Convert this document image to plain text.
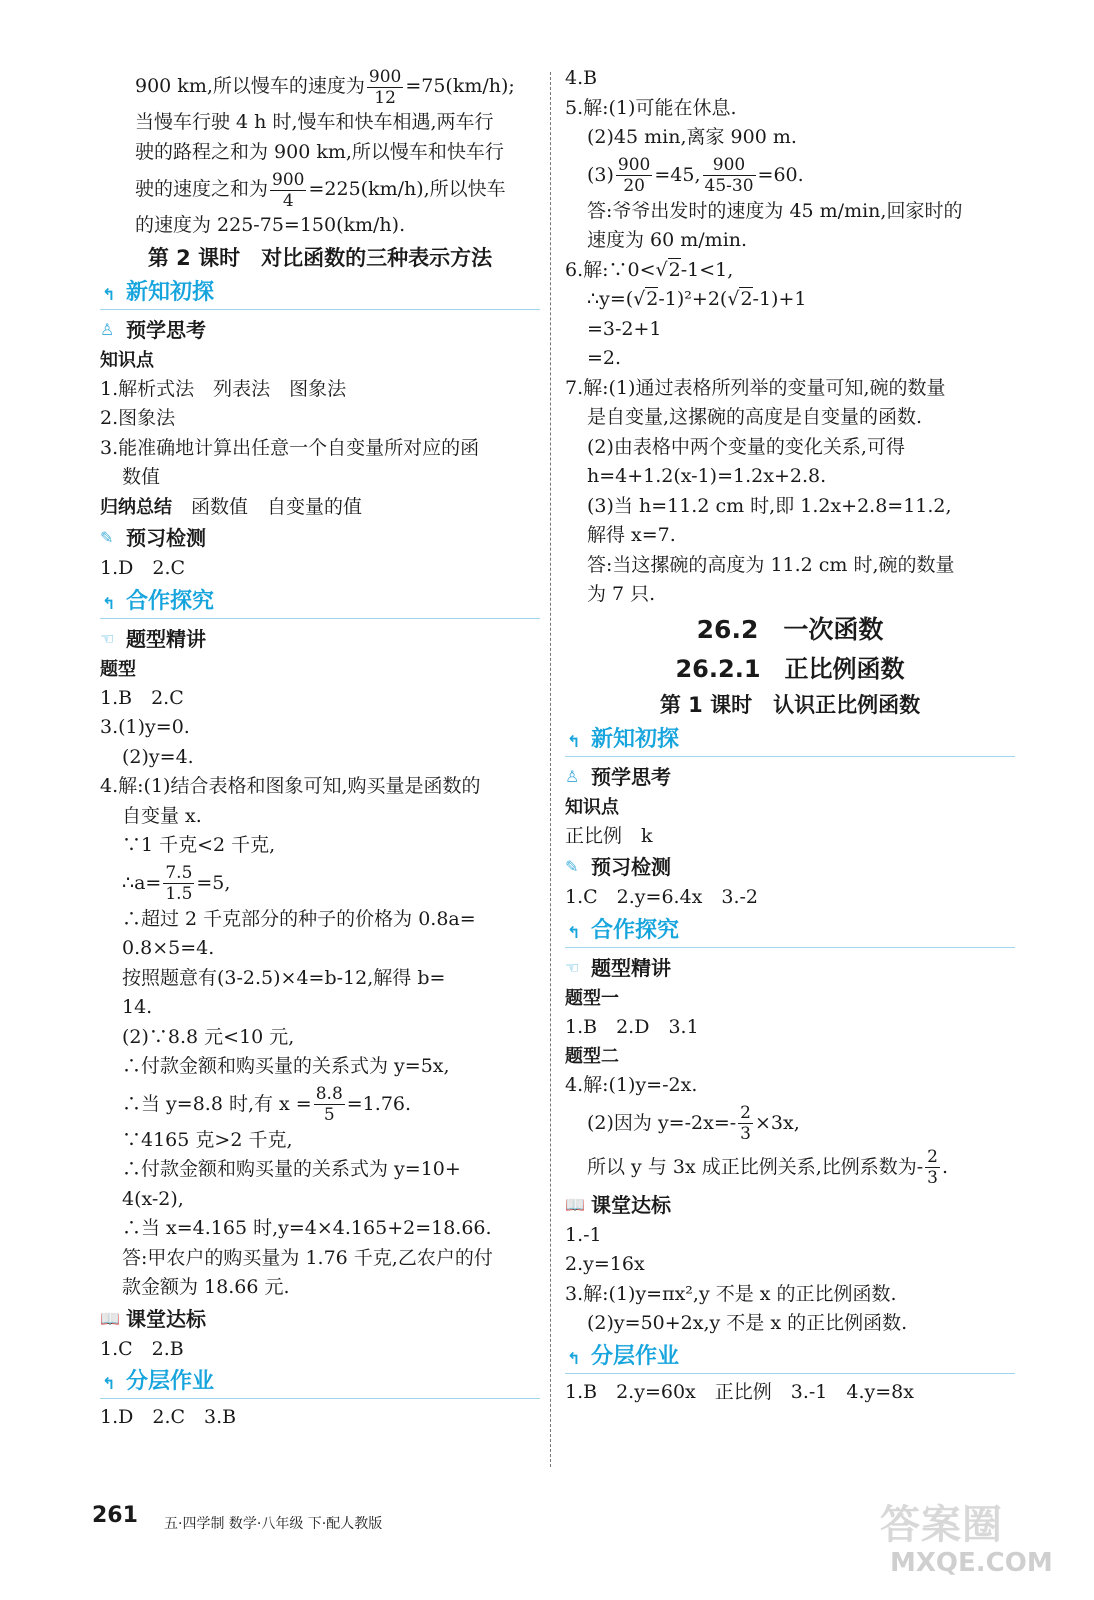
900 km,所以慢车的速度为 $\frac{900}{12} =75(km/h)$;
当慢车行驶 4 h 时,慢车和快车相遇,两车行
驶的路程之和为 900 km,所以慢车和快车行
驶的速度之和为 $\frac{900}{4} =225(km/h)$,所以快车
的速度为 225-75=150(km/h).
第 2 课时　对比函数的三种表示方法
↰ 新知初探
♙ 预学思考
知识点
1.解析式法　列表法　图象法
2.图象法
3.能准确地计算出任意一个自变量所对应的函
数值
归纳总结　函数值　自变量的值
✎ 预习检测
1.D　2.C
↰ 合作探究
☜ 题型精讲
题型
1.B　2.C
3.(1)y=0.
(2)y=4.
4.解:(1)结合表格和图象可知,购买量是函数的
自变量 x.
∵1 千克<2 千克,
∴a= $\frac{7.5}{1.5} =5$,
∴超过 2 千克部分的种子的价格为 0.8a=
0.8×5=4.
按照题意有(3-2.5)×4=b-12,解得 b=
14.
(2)∵8.8 元<10 元,
∴付款金额和购买量的关系式为 y=5x,
∴当 y=8.8 时,有 $x = \frac{8.8}{5} =1.76$.
∵4165 克>2 千克,
∴付款金额和购买量的关系式为 y=10+
4(x-2),
∴当 x=4.165 时,y=4×4.165+2=18.66.
答:甲农户的购买量为 1.76 千克,乙农户的付
款金额为 18.66 元.
📖 课堂达标
1.C　2.B
↰ 分层作业
1.D　2.C　3.B
4.B
5.解:(1)可能在休息.
(2)45 min,离家 900 m.
$(3) \frac{900}{20} =45$, $\frac{900}{45-30} =60$.
答:爷爷出发时的速度为 45 m/min,回家时的
速度为 60 m/min.
6.解:∵0<√2-1<1,
∴y=(√2-1)²+2(√2-1)+1
=3-2+1
=2.
7.解:(1)通过表格所列举的变量可知,碗的数量
是自变量,这摞碗的高度是自变量的函数.
(2)由表格中两个变量的变化关系,可得
h=4+1.2(x-1)=1.2x+2.8.
(3)当 h=11.2 cm 时,即 1.2x+2.8=11.2,
解得 x=7.
答:当这摞碗的高度为 11.2 cm 时,碗的数量
为 7 只.
26.2　一次函数
26.2.1　正比例函数
第 1 课时　认识正比例函数
↰ 新知初探
♙ 预学思考
知识点
正比例　k
✎ 预习检测
1.C　2.y=6.4x　3.-2
↰ 合作探究
☜ 题型精讲
题型一
1.B　2.D　3.1
题型二
4.解:(1)y=-2x.
(2)因为 $y=-2x=- \frac{2}{3} \times 3x$,
所以 y 与 3x 成正比例关系,比例系数为- $\frac{2}{3}$ .
📖 课堂达标
1.-1
2.y=16x
3.解:(1)y=πx²,y 不是 x 的正比例函数.
(2)y=50+2x,y 不是 x 的正比例函数.
↰ 分层作业
1.B　2.y=60x　正比例　3.-1　4.y=8x
261 五·四学制 数学·八年级 下·配人教版	答案圈
MXQE.COM
